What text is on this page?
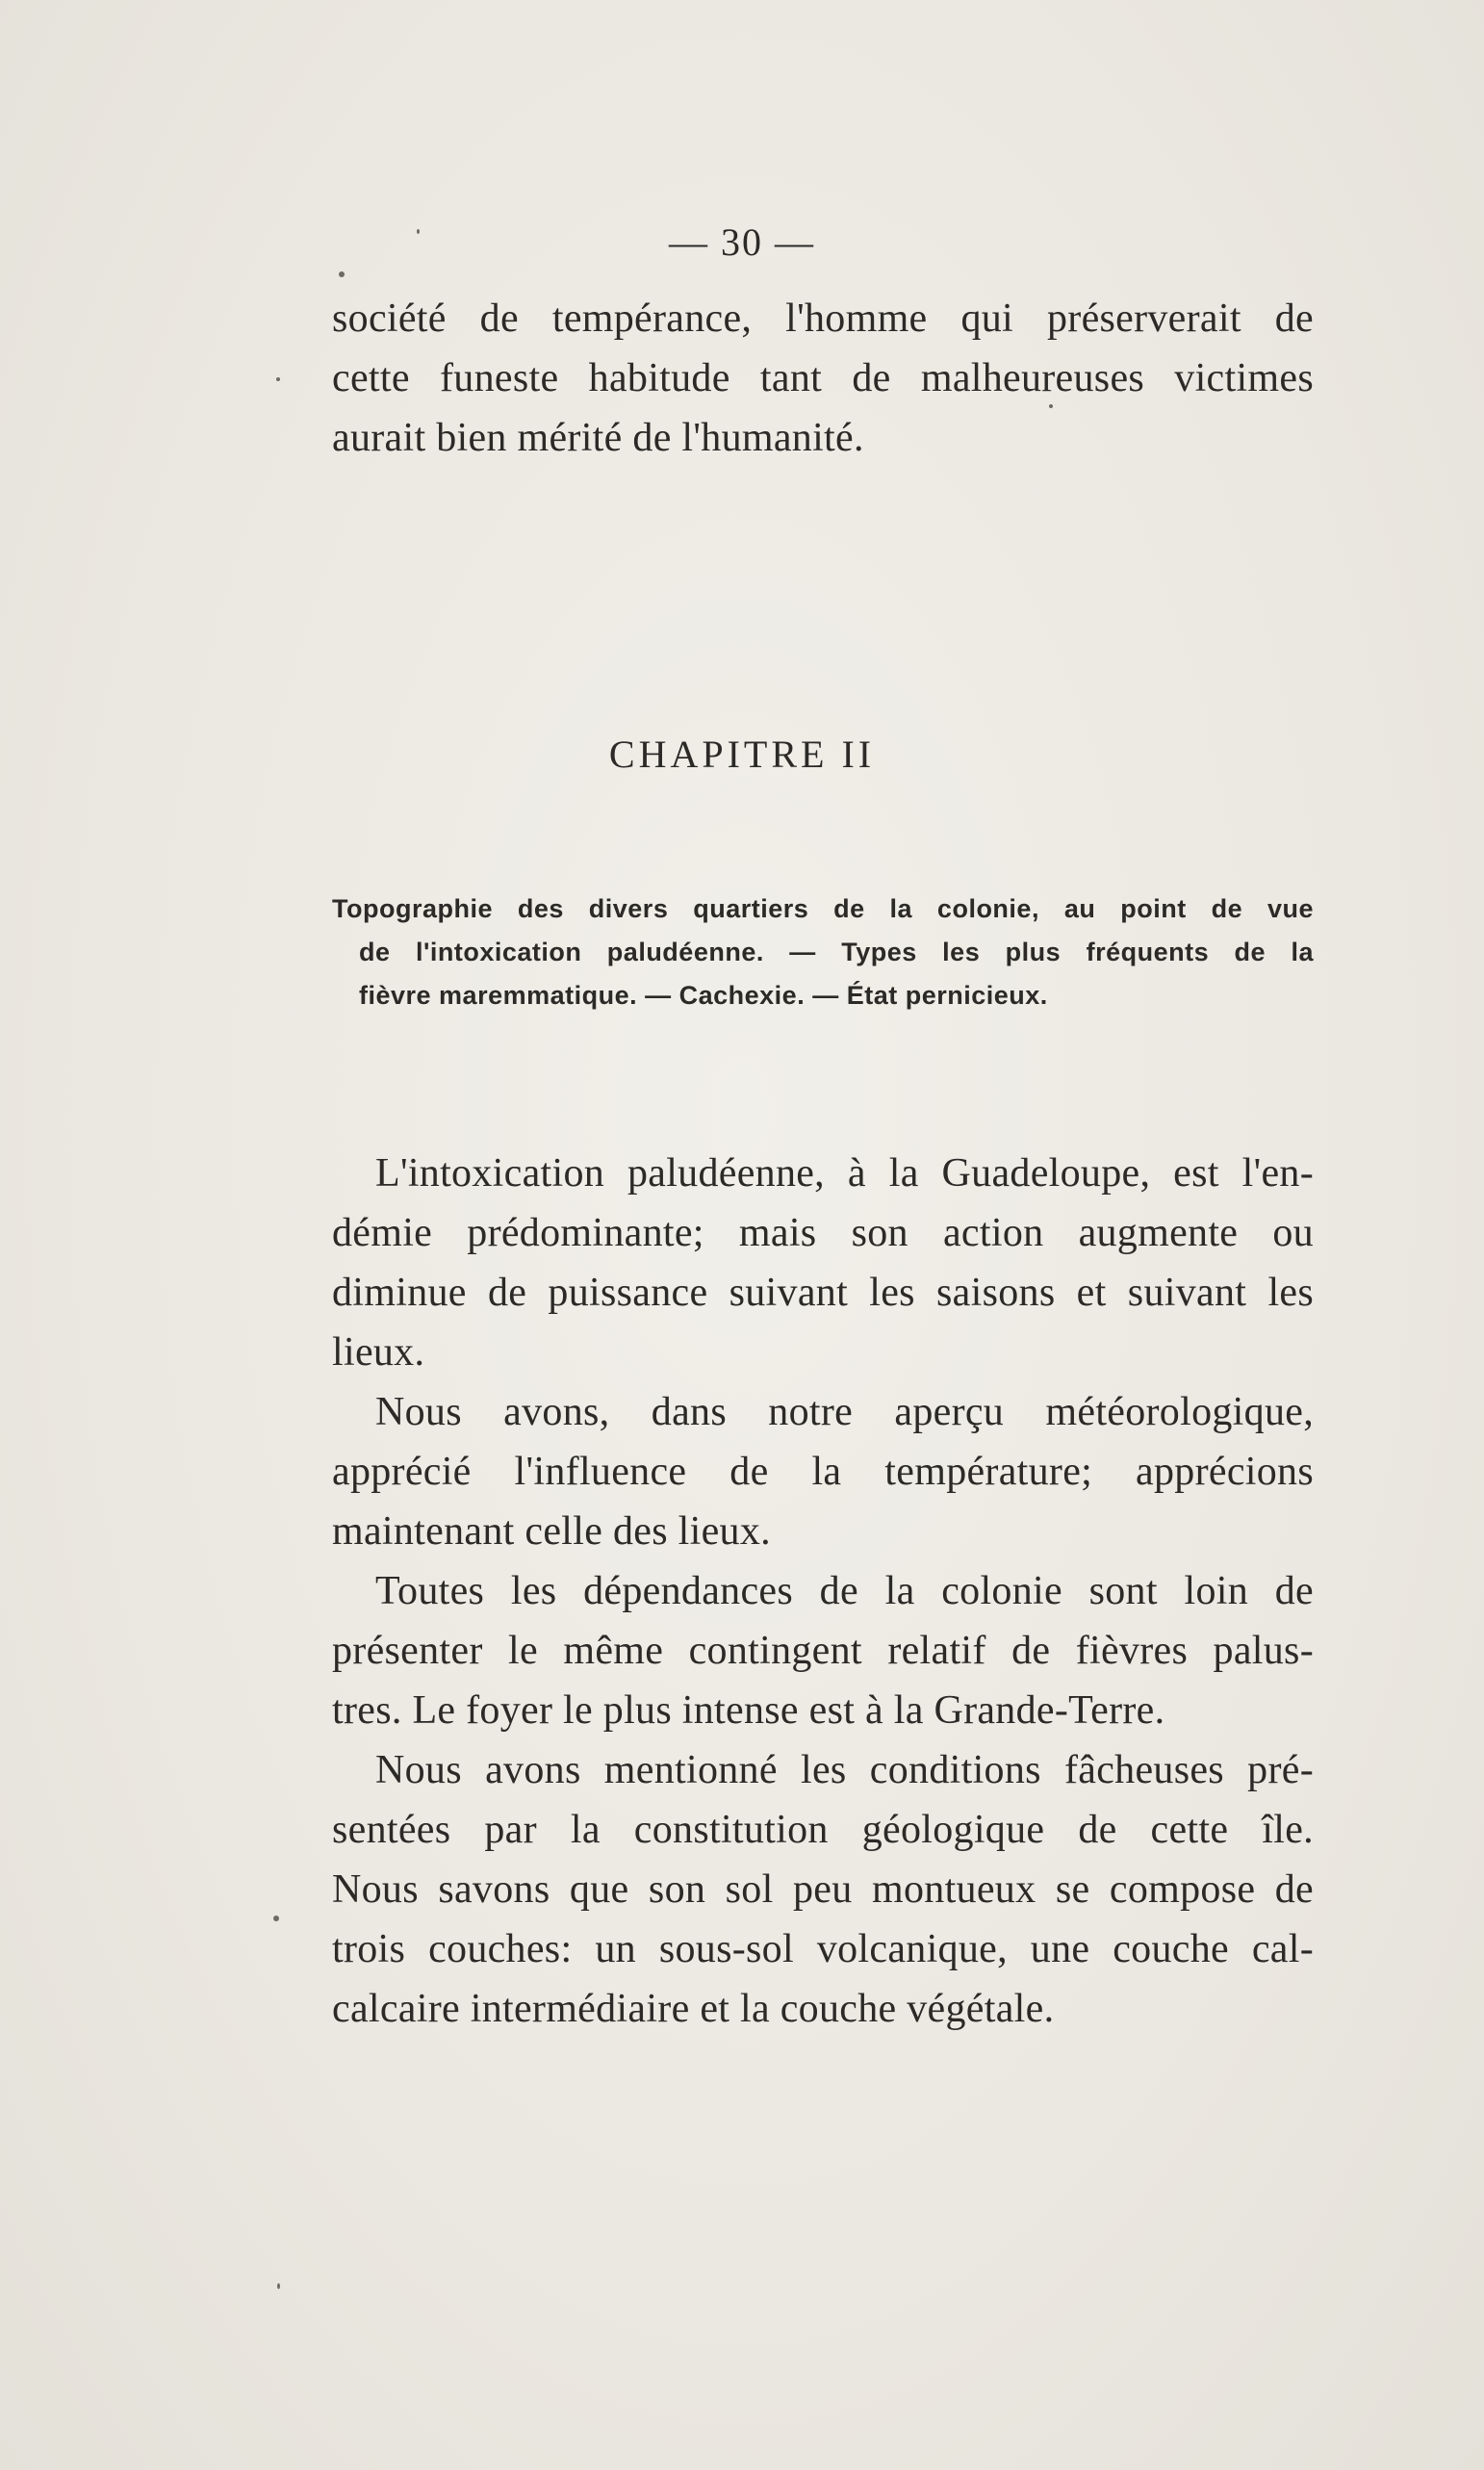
— 30 —
société de tempérance, l'homme qui préserverait de
cette funeste habitude tant de malheureuses victimes
aurait bien mérité de l'humanité.
CHAPITRE II
Topographie des divers quartiers de la colonie, au point de vue
de l'intoxication paludéenne. — Types les plus fréquents de la
fièvre maremmatique. — Cachexie. — État pernicieux.
L'intoxication paludéenne, à la Guadeloupe, est l'en-
démie prédominante; mais son action augmente ou
diminue de puissance suivant les saisons et suivant les
lieux.
Nous avons, dans notre aperçu météorologique,
apprécié l'influence de la température; apprécions
maintenant celle des lieux.
Toutes les dépendances de la colonie sont loin de
présenter le même contingent relatif de fièvres palus-
tres. Le foyer le plus intense est à la Grande-Terre.
Nous avons mentionné les conditions fâcheuses pré-
sentées par la constitution géologique de cette île.
Nous savons que son sol peu montueux se compose de
trois couches: un sous-sol volcanique, une couche cal-
calcaire intermédiaire et la couche végétale.
